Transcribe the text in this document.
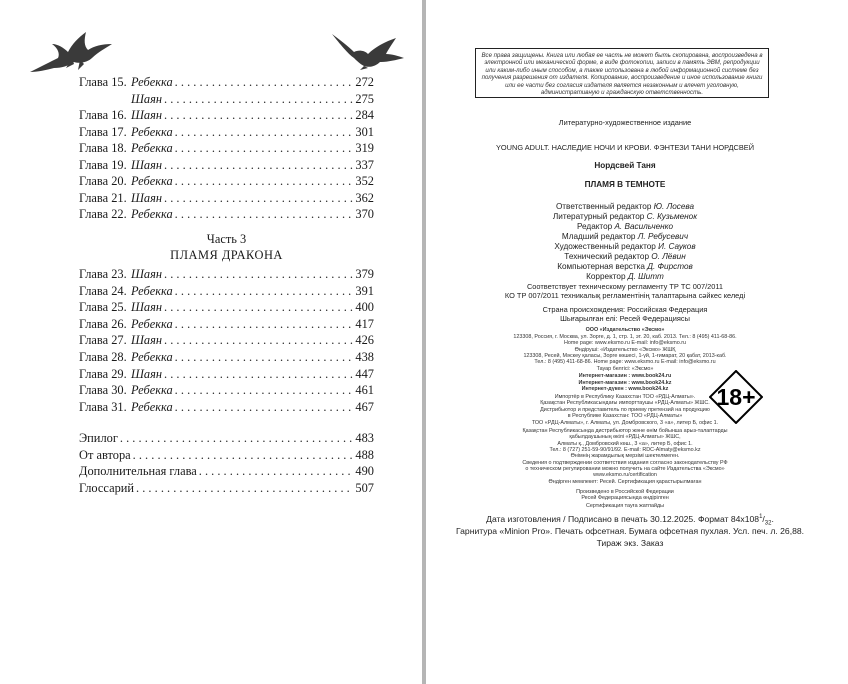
Глава 15. Ребекка . . .	272
Шаян . . .	275
Глава 16. Шаян . . .	284
Глава 17. Ребекка . . .	301
Глава 18. Ребекка . . .	319
Глава 19. Шаян . . .	337
Глава 20. Ребекка . . .	352
Глава 21. Шаян . . .	362
Глава 22. Ребекка . . .	370
Часть 3
ПЛАМЯ ДРАКОНА
Глава 23. Шаян . . .	379
Глава 24. Ребекка . . .	391
Глава 25. Шаян . . .	400
Глава 26. Ребекка . . .	417
Глава 27. Шаян . . .	426
Глава 28. Ребекка . . .	438
Глава 29. Шаян . . .	447
Глава 30. Ребекка . . .	461
Глава 31. Ребекка . . .	467
Эпилог . . .	483
От автора . . .	488
Дополнительная глава . . .	490
Глоссарий . . .	507
Все права защищены. Книга или любая ее часть не может быть скопирована, воспроизведена в электронной или механической форме, в виде фотокопии, записи в память ЭВМ, репродукции или каким-либо иным способом, а также использована в любой информационной системе без получения разрешения от издателя. Копирование, воспроизведение и иное использование книги или ее части без согласия издателя является незаконным и влечет уголовную, административную и гражданскую ответственность.
Литературно-художественное издание
YOUNG ADULT. НАСЛЕДИЕ НОЧИ И КРОВИ. ФЭНТЕЗИ ТАНИ НОРДСВЕЙ
Нордсвей Таня
ПЛАМЯ В ТЕМНОТЕ
Ответственный редактор Ю. Лосева
Литературный редактор С. Кузьменок
Редактор А. Васильченко
Младший редактор Л. Ребусевич
Художественный редактор И. Сауков
Технический редактор О. Лёвин
Компьютерная верстка Д. Фирстов
Корректор Д. Шитт
Соответствует техническому регламенту ТР ТС 007/2011
КО ТР 007/2011 техникалық регламентінің талаптарына сәйкес келеді
Страна происхождения: Российская Федерация
Шығарылған елі: Ресей Федерациясы
ООО «Издательство «Эксмо»
123308, Россия, г. Москва, ул. Зорге, д. 1, стр. 1, эт. 20, каб. 2013. Тел.: 8 (495) 411-68-86.
Home page: www.eksmo.ru E-mail: info@eksmo.ru
Өндіруші: «Издательство «Эксмо» ЖШҚ
123308, Ресей, Мәскеу қаласы, Зорге көшесі, 1-үй, 1-ғимарат, 20 қабат, 2013-каб.
Тел.: 8 (495) 411-68-86. Home page: www.eksmo.ru E-mail: info@eksmo.ru
Тауар белгісі: «Эксмо»
Интернет-магазин : www.book24.ru
Интернет-магазин : www.book24.kz
Интернет-дүкен : www.book24.kz
Импортёр в Республику Казахстан ТОО «РДЦ-Алматы».
Қазақстан Республикасындағы импорттаушы «РДЦ-Алматы» ЖШС.
Дистрибьютор и представитель по приему претензий на продукцию
в Республике Казахстан: ТОО «РДЦ-Алматы»
ТОО «РДЦ-Алматы», г. Алматы, ул. Домбровского, 3 «а», литер Б, офис 1.
Қазақстан Республикасында дистрибьютор және өнім бойынша арыз-талаптарды
қабылдаушының өкілі «РДЦ-Алматы» ЖШС,
Алматы қ., Домбровский көш., 3 «а», литер Б, офис 1.
Тел.: 8 (727) 251-59-90/91/92. E-mail: RDC-Almaty@eksmo.kz
Өнімнің жарамдылық мерзімі шектелмеген.
Сведения о подтверждении соответствия издания согласно законодательству РФ
о техническом регулировании можно получить на сайте Издательства «Эксмо»
www.eksmo.ru/certification
Өндірген мемлекет: Ресей. Сертификация қарастырылмаған
Произведено в Российской Федерации
Ресей Федерациясында өндірілген
Сертификация тауға жатпайды
18+
Дата изготовления / Подписано в печать 30.12.2025. Формат $84х108^1/_{32}$.
Гарнитура «Minion Pro». Печать офсетная. Бумага офсетная пухлая. Усл. печ. л. 26,88.
Тираж экз. Заказ
